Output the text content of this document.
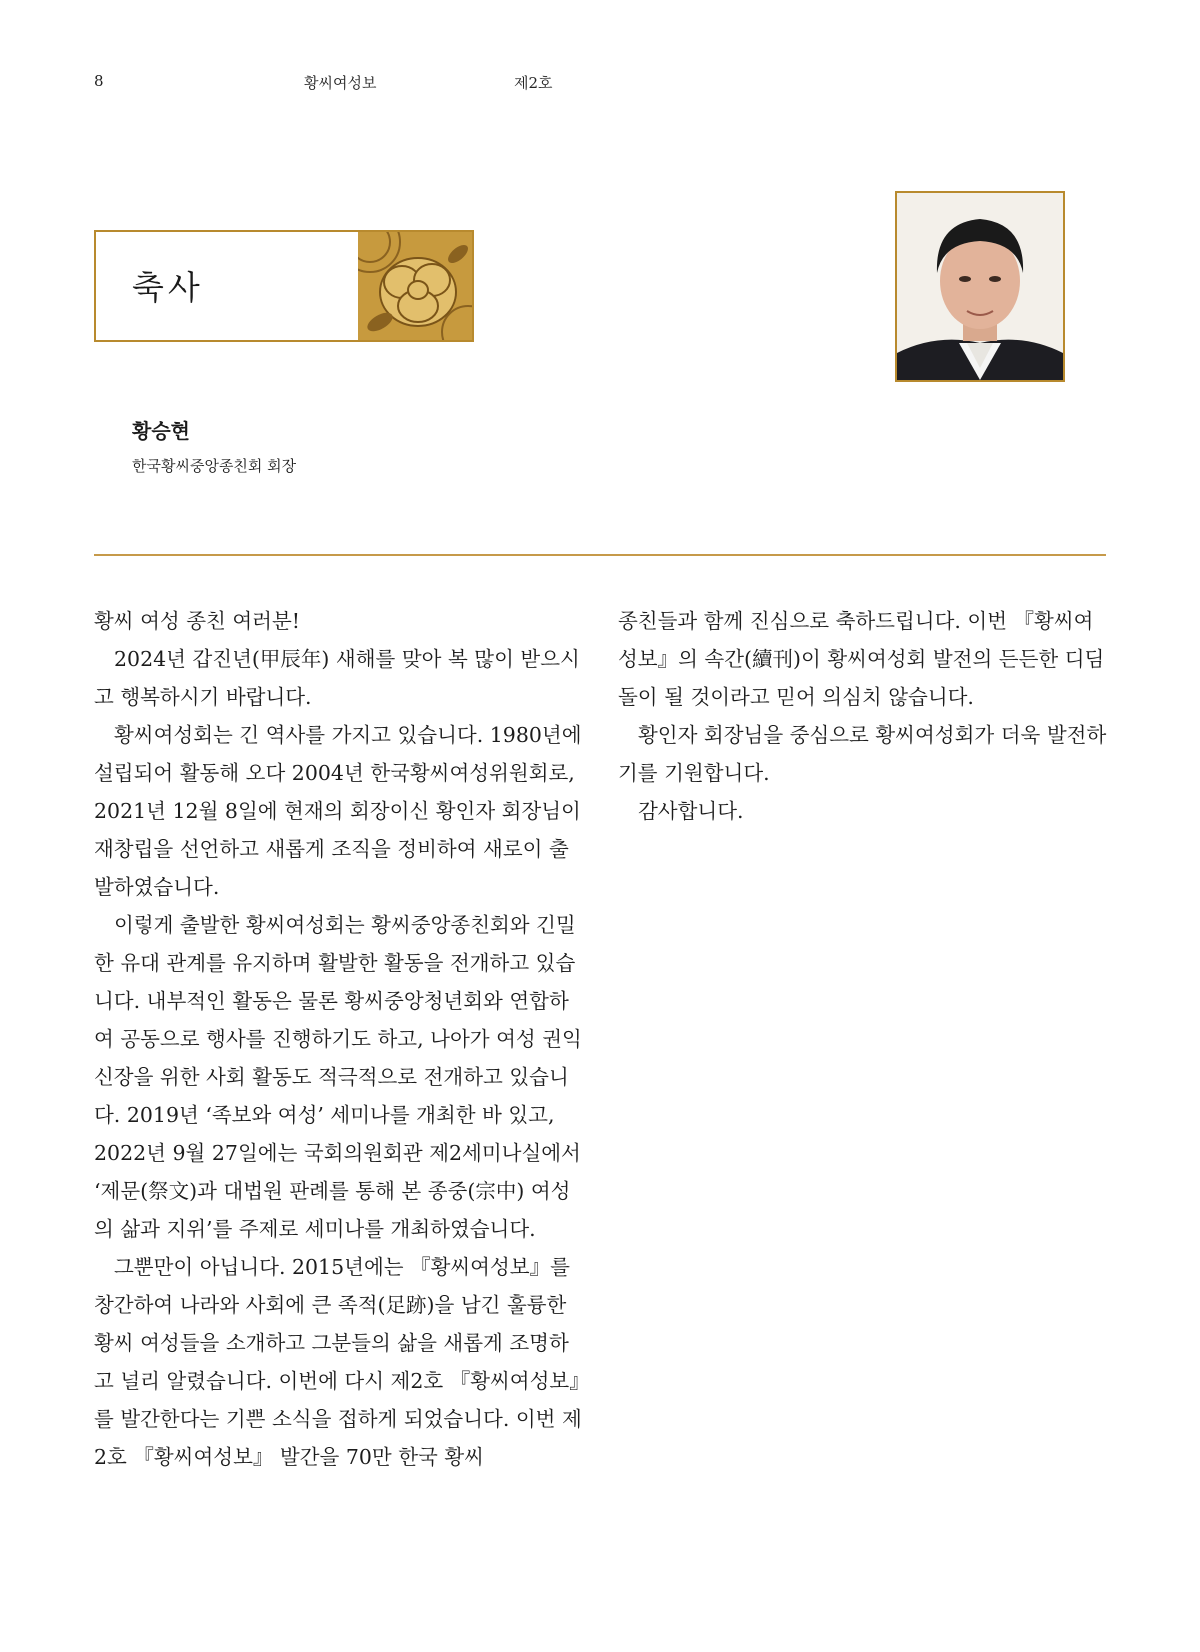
8	황씨여성보	제2호
축사
황승현
한국황씨중앙종친회 회장

황씨 여성 종친 여러분!

2024년 갑진년(甲辰年) 새해를 맞아 복 많이 받으시고 행복하시기 바랍니다.

황씨여성회는 긴 역사를 가지고 있습니다. 1980년에 설립되어 활동해 오다 2004년 한국황씨여성위원회로, 2021년 12월 8일에 현재의 회장이신 황인자 회장님이 재창립을 선언하고 새롭게 조직을 정비하여 새로이 출발하였습니다.

이렇게 출발한 황씨여성회는 황씨중앙종친회와 긴밀한 유대 관계를 유지하며 활발한 활동을 전개하고 있습니다. 내부적인 활동은 물론 황씨중앙청년회와 연합하여 공동으로 행사를 진행하기도 하고, 나아가 여성 권익 신장을 위한 사회 활동도 적극적으로 전개하고 있습니다. 2019년 ‘족보와 여성’ 세미나를 개최한 바 있고, 2022년 9월 27일에는 국회의원회관 제2세미나실에서 ‘제문(祭文)과 대법원 판례를 통해 본 종중(宗中) 여성의 삶과 지위’를 주제로 세미나를 개최하였습니다.

그뿐만이 아닙니다. 2015년에는 『황씨여성보』를 창간하여 나라와 사회에 큰 족적(足跡)을 남긴 훌륭한 황씨 여성들을 소개하고 그분들의 삶을 새롭게 조명하고 널리 알렸습니다. 이번에 다시 제2호 『황씨여성보』를 발간한다는 기쁜 소식을 접하게 되었습니다. 이번 제2호 『황씨여성보』 발간을 70만 한국 황씨

종친들과 함께 진심으로 축하드립니다. 이번 『황씨여성보』의 속간(續刊)이 황씨여성회 발전의 든든한 디딤돌이 될 것이라고 믿어 의심치 않습니다.

황인자 회장님을 중심으로 황씨여성회가 더욱 발전하기를 기원합니다.

감사합니다.
